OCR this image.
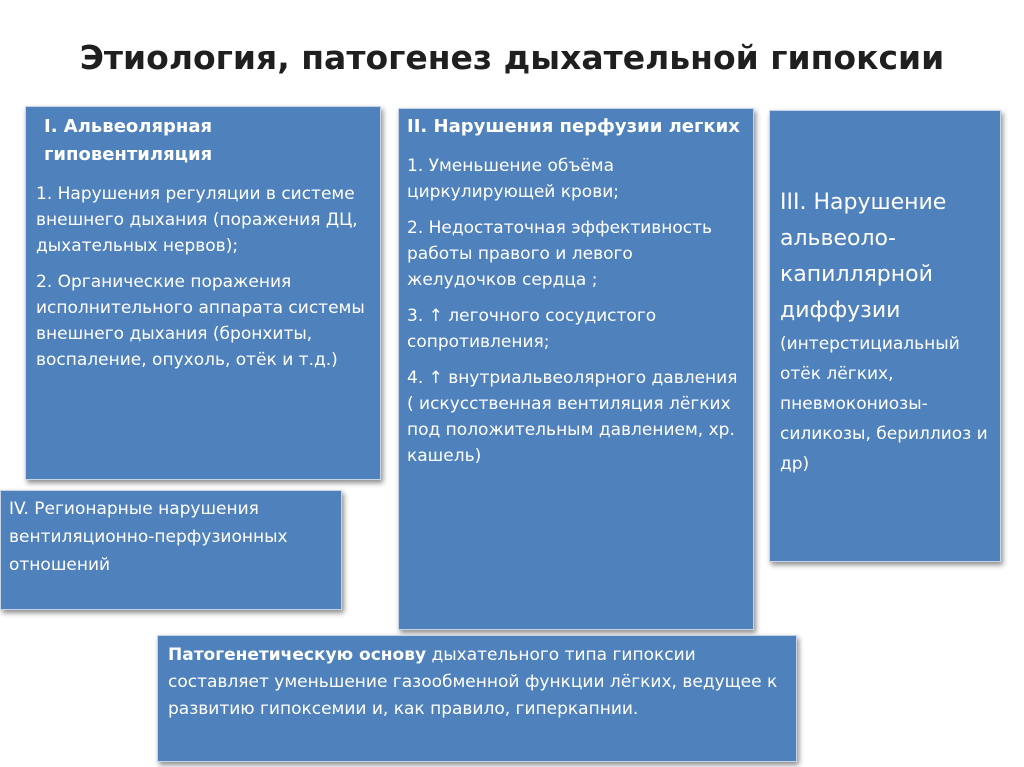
Этиология, патогенез дыхательной гипоксии

I. Альвеолярная
гиповентиляция

1. Нарушения регуляции в системе внешнего дыхания (поражения ДЦ, дыхательных нервов);

2. Органические поражения исполнительного аппарата системы внешнего дыхания (бронхиты, воспаление, опухоль, отёк и т.д.)

II. Нарушения перфузии легких

1. Уменьшение объёма циркулирующей крови;

2. Недостаточная эффективность работы правого и левого желудочков сердца ;

3. ↑ легочного сосудистого сопротивления;

4. ↑ внутриальвеолярного давления ( искусственная вентиляция лёгких под положительным давлением, хр. кашель)

III. Нарушение альвеоло-капиллярной диффузии

(интерстициальный отёк лёгких, пневмокониозы- силикозы, бериллиоз и др)

IV. Регионарные нарушения вентиляционно-перфузионных отношений

Патогенетическую основу дыхательного типа гипоксии составляет уменьшение газообменной функции лёгких, ведущее к развитию гипоксемии и, как правило, гиперкапнии.
